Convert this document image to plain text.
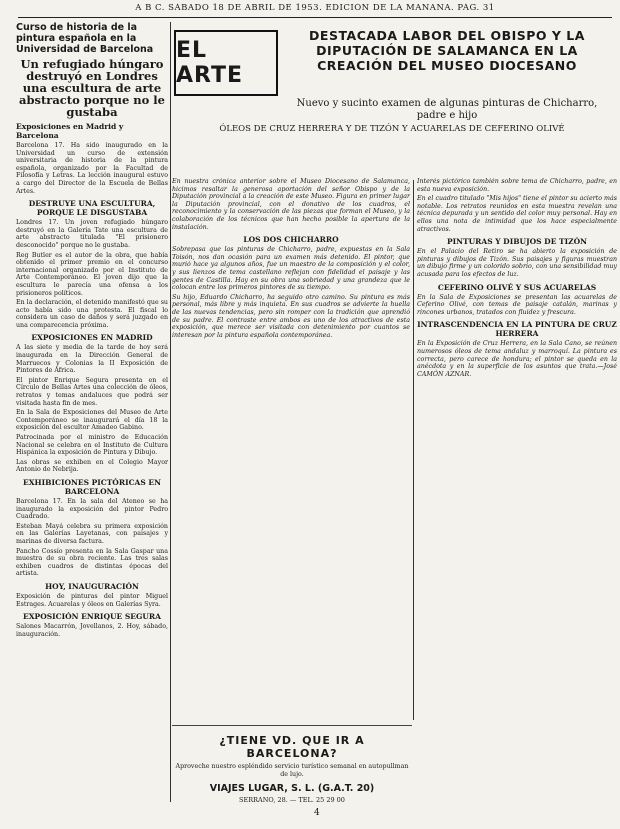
A B C. SÁBADO 18 DE ABRIL DE 1953. EDICIÓN DE LA MAÑANA. PÁG. 31
Curso de historia de la pintura española en la Universidad de Barcelona
Un refugiado húngaro destruyó en Londres una escultura de arte abstracto porque no le gustaba
Exposiciones en Madrid y Barcelona

Barcelona 17. Ha sido inaugurado en la Universidad un curso de extensión universitaria de historia de la pintura española, organizado por la Facultad de Filosofía y Letras. La lección inaugural estuvo a cargo del Director de la Escuela de Bellas Artes.

DESTRUYE UNA ESCULTURA, PORQUE LE DISGUSTABA

Londres 17. Un joven refugiado húngaro destruyó en la Galería Tate una escultura de arte abstracto titulada "El prisionero desconocido" porque no le gustaba.

Reg Butler es el autor de la obra, que había obtenido el primer premio en el concurso internacional organizado por el Instituto de Arte Contemporáneo. El joven dijo que la escultura le parecía una ofensa a los prisioneros políticos.

En la declaración, el detenido manifestó que su acto había sido una protesta. El fiscal lo considera un caso de daños y será juzgado en una comparecencia próxima.

EXPOSICIONES EN MADRID

A las siete y media de la tarde de hoy será inaugurada en la Dirección General de Marruecos y Colonias la II Exposición de Pintores de África.

El pintor Enrique Segura presenta en el Círculo de Bellas Artes una colección de óleos, retratos y temas andaluces que podrá ser visitada hasta fin de mes.

En la Sala de Exposiciones del Museo de Arte Contemporáneo se inaugurará el día 18 la exposición del escultor Amadeo Gabino.

Patrocinada por el ministro de Educación Nacional se celebra en el Instituto de Cultura Hispánica la exposición de Pintura y Dibujo.

Las obras se exhiben en el Colegio Mayor Antonio de Nebrija.

EXHIBICIONES PICTÓRICAS EN BARCELONA

Barcelona 17. En la sala del Ateneo se ha inaugurado la exposición del pintor Pedro Cuadrado.

Esteban Mayá celebra su primera exposición en las Galerías Layetanas, con paisajes y marinas de diversa factura.

Pancho Cossío presenta en la Sala Gaspar una muestra de su obra reciente. Las tres salas exhiben cuadros de distintas épocas del artista.

HOY, INAUGURACIÓN

Exposición de pinturas del pintor Miguel Estrages. Acuarelas y óleos en Galerías Syra.

EXPOSICIÓN ENRIQUE SEGURA

Salones Macarrón, Jovellanos, 2. Hoy, sábado, inauguración.

EL ARTE
DESTACADA LABOR DEL OBISPO Y LA DIPUTACIÓN DE SALAMANCA EN LA CREACIÓN DEL MUSEO DIOCESANO
Nuevo y sucinto examen de algunas pinturas de Chicharro, padre e hijo
ÓLEOS DE CRUZ HERRERA Y DE TIZÓN Y ACUARELAS DE CEFERINO OLIVÉ

En nuestra crónica anterior sobre el Museo Diocesano de Salamanca, hicimos resaltar la generosa aportación del señor Obispo y de la Diputación provincial a la creación de este Museo. Figura en primer lugar la Diputación provincial, con el donativo de los cuadros, el reconocimiento y la conservación de las piezas que forman el Museo, y la colaboración de los técnicos que han hecho posible la apertura de la instalación.

LOS DOS CHICHARRO

Sobrepasa que las pinturas de Chicharro, padre, expuestas en la Sala Toisón, nos dan ocasión para un examen más detenido. El pintor, que murió hace ya algunos años, fue un maestro de la composición y el color, y sus lienzos de tema castellano reflejan con fidelidad el paisaje y las gentes de Castilla. Hay en su obra una sobriedad y una grandeza que le colocan entre los primeros pintores de su tiempo.

Su hijo, Eduardo Chicharro, ha seguido otro camino. Su pintura es más personal, más libre y más inquieta. En sus cuadros se advierte la huella de las nuevas tendencias, pero sin romper con la tradición que aprendió de su padre. El contraste entre ambos es uno de los atractivos de esta exposición, que merece ser visitada con detenimiento por cuantos se interesan por la pintura española contemporánea.

Interés pictórico también sobre tema de Chicharro, padre, en esta nueva exposición.

En el cuadro titulado "Mis hijos" tiene el pintor su acierto más notable. Los retratos reunidos en esta muestra revelan una técnica depurada y un sentido del color muy personal. Hay en ellos una nota de intimidad que los hace especialmente atractivos.

PINTURAS Y DIBUJOS DE TIZÓN

En el Palacio del Retiro se ha abierto la exposición de pinturas y dibujos de Tizón. Sus paisajes y figuras muestran un dibujo firme y un colorido sobrio, con una sensibilidad muy acusada para los efectos de luz.

CEFERINO OLIVÉ Y SUS ACUARELAS

En la Sala de Exposiciones se presentan las acuarelas de Ceferino Olivé, con temas de paisaje catalán, marinas y rincones urbanos, tratados con fluidez y frescura.

INTRASCENDENCIA EN LA PINTURA DE CRUZ HERRERA

En la Exposición de Cruz Herrera, en la Sala Cano, se reúnen numerosos óleos de tema andaluz y marroquí. La pintura es correcta, pero carece de hondura; el pintor se queda en la anécdota y en la superficie de los asuntos que trata.—José CAMÓN AZNAR.

¿TIENE VD. QUE IR A BARCELONA?
Aproveche nuestro espléndido servicio turístico semanal en autopullman de lujo.
VIAJES LUGAR, S. L. (G.A.T. 20)
SERRANO, 28. — TEL. 25 29 00
4
